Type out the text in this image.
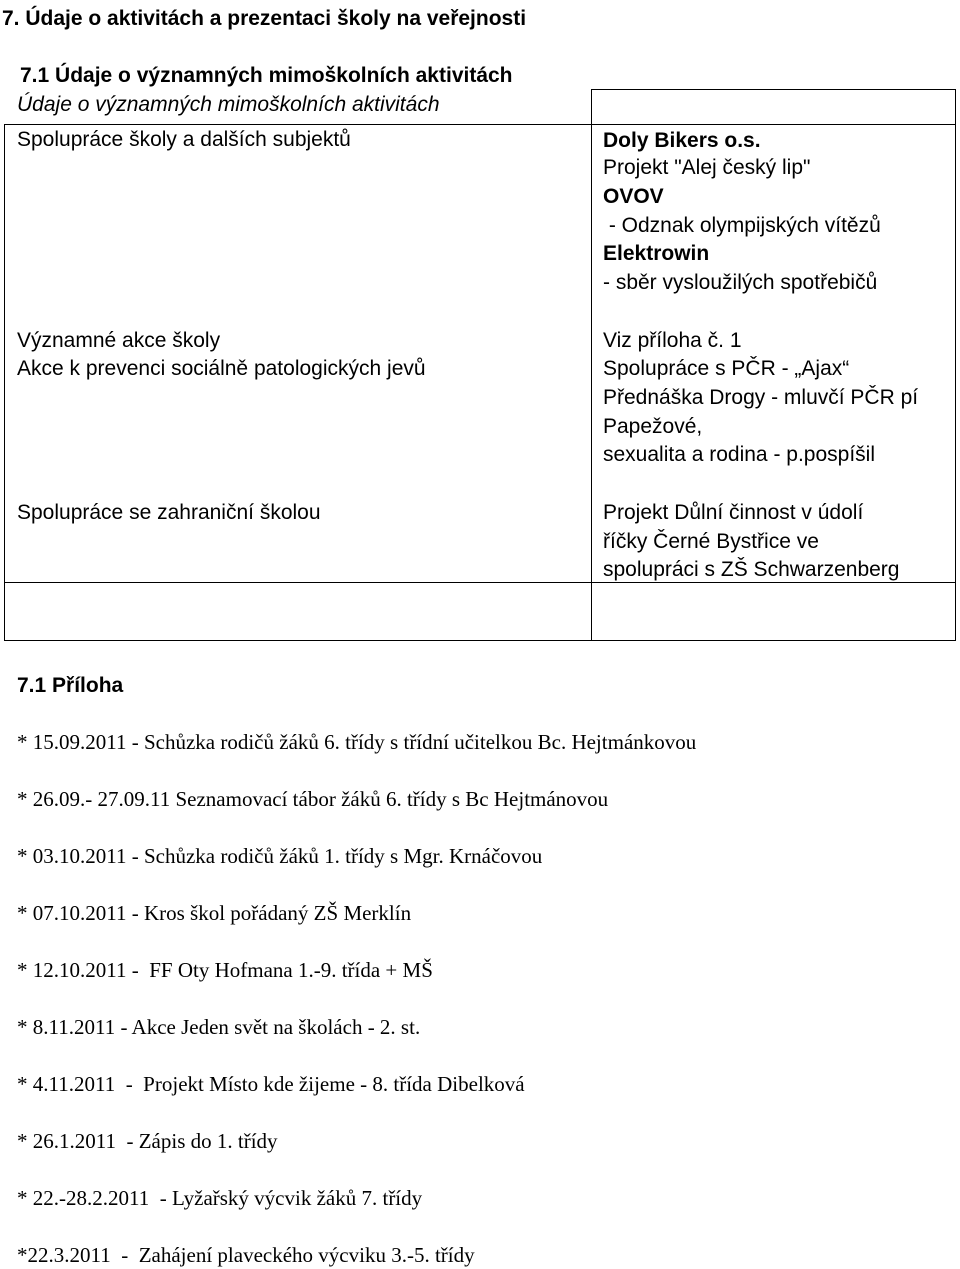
7. Údaje o aktivitách a prezentaci školy na veřejnosti
7.1 Údaje o významných mimoškolních aktivitách
Údaje o významných mimoškolních aktivitách
Spolupráce školy a dalších subjektů	Doly Bikers o.s.
Projekt "Alej český lip"
OVOV
- Odznak olympijských vítězů
Elektrowin
- sběr vysloužilých spotřebičů
Významné akce školy	Viz příloha č. 1
Akce k prevenci sociálně patologických jevů	Spolupráce s PČR - „Ajax“
Přednáška Drogy - mluvčí PČR pí
Papežové,
sexualita a rodina - p.pospíšil
Spolupráce se zahraniční školou	Projekt Důlní činnost v údolí
říčky Černé Bystřice ve
spolupráci s ZŠ Schwarzenberg
7.1 Příloha
* 15.09.2011 - Schůzka rodičů žáků 6. třídy s třídní učitelkou Bc. Hejtmánkovou
* 26.09.- 27.09.11 Seznamovací tábor žáků 6. třídy s Bc Hejtmánovou
* 03.10.2011 - Schůzka rodičů žáků 1. třídy s Mgr. Krnáčovou
* 07.10.2011 - Kros škol pořádaný ZŠ Merklín
* 12.10.2011 -  FF Oty Hofmana 1.-9. třída + MŠ
* 8.11.2011 - Akce Jeden svět na školách - 2. st.
* 4.11.2011  -  Projekt Místo kde žijeme - 8. třída Dibelková
* 26.1.2011  - Zápis do 1. třídy
* 22.-28.2.2011  - Lyžařský výcvik žáků 7. třídy
*22.3.2011  -  Zahájení plaveckého výcviku 3.-5. třídy
